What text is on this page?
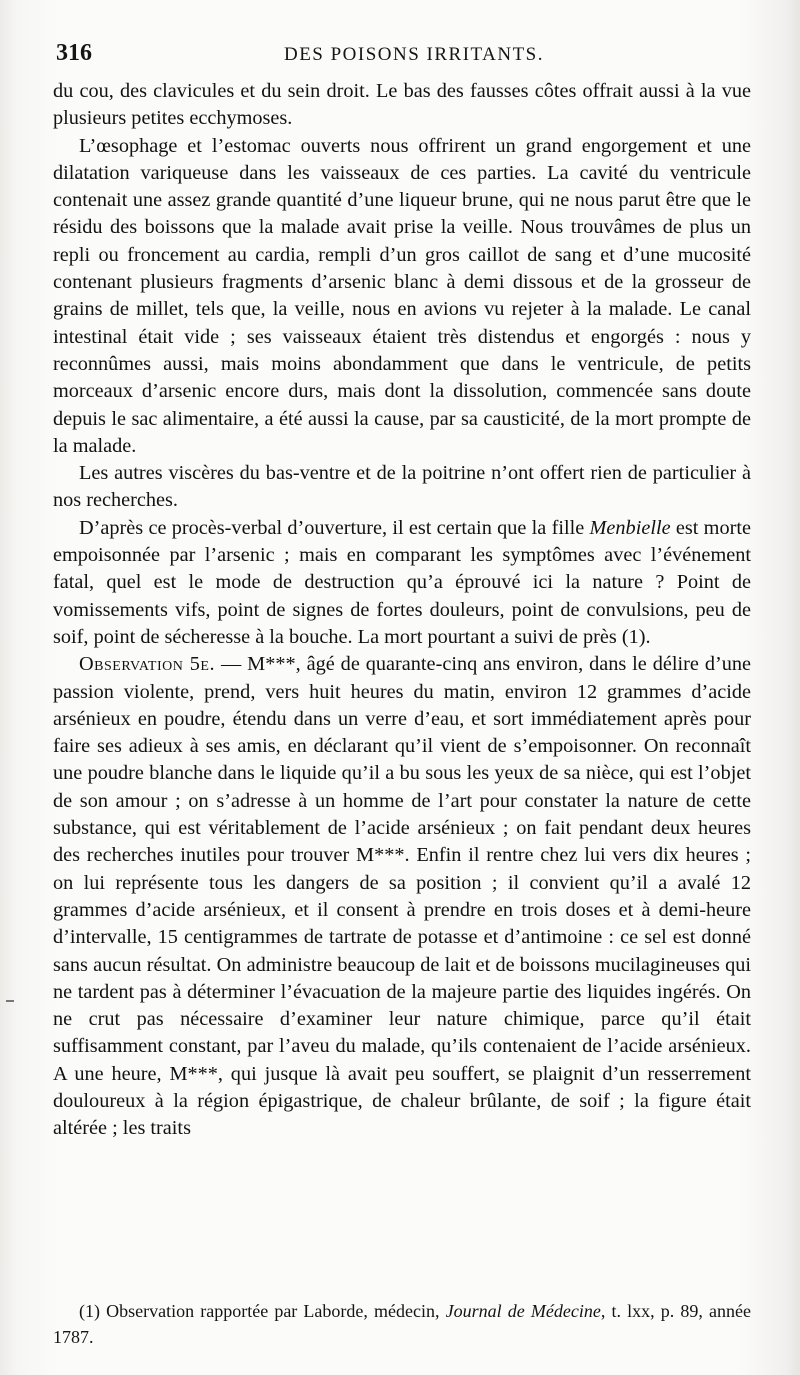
316	DES POISONS IRRITANTS.

du cou, des clavicules et du sein droit. Le bas des fausses côtes offrait aussi à la vue plusieurs petites ecchymoses.

L’œsophage et l’estomac ouverts nous offrirent un grand engorgement et une dilatation variqueuse dans les vaisseaux de ces parties. La cavité du ventricule contenait une assez grande quantité d’une liqueur brune, qui ne nous parut être que le résidu des boissons que la malade avait prise la veille. Nous trouvâmes de plus un repli ou froncement au cardia, rempli d’un gros caillot de sang et d’une mucosité contenant plusieurs fragments d’arsenic blanc à demi dissous et de la grosseur de grains de millet, tels que, la veille, nous en avions vu rejeter à la malade. Le canal intestinal était vide ; ses vaisseaux étaient très distendus et engorgés : nous y reconnûmes aussi, mais moins abondamment que dans le ventricule, de petits morceaux d’arsenic encore durs, mais dont la dissolution, commencée sans doute depuis le sac alimentaire, a été aussi la cause, par sa causticité, de la mort prompte de la malade.

Les autres viscères du bas-ventre et de la poitrine n’ont offert rien de particulier à nos recherches.

D’après ce procès-verbal d’ouverture, il est certain que la fille Menbielle est morte empoisonnée par l’arsenic ; mais en comparant les symptômes avec l’événement fatal, quel est le mode de destruction qu’a éprouvé ici la nature ? Point de vomissements vifs, point de signes de fortes douleurs, point de convulsions, peu de soif, point de sécheresse à la bouche. La mort pourtant a suivi de près (1).

Observation 5e. — M***, âgé de quarante-cinq ans environ, dans le délire d’une passion violente, prend, vers huit heures du matin, environ 12 grammes d’acide arsénieux en poudre, étendu dans un verre d’eau, et sort immédiatement après pour faire ses adieux à ses amis, en déclarant qu’il vient de s’empoisonner. On reconnaît une poudre blanche dans le liquide qu’il a bu sous les yeux de sa nièce, qui est l’objet de son amour ; on s’adresse à un homme de l’art pour constater la nature de cette substance, qui est véritablement de l’acide arsénieux ; on fait pendant deux heures des recherches inutiles pour trouver M***. Enfin il rentre chez lui vers dix heures ; on lui représente tous les dangers de sa position ; il convient qu’il a avalé 12 grammes d’acide arsénieux, et il consent à prendre en trois doses et à demi-heure d’intervalle, 15 centigrammes de tartrate de potasse et d’antimoine : ce sel est donné sans aucun résultat. On administre beaucoup de lait et de boissons mucilagineuses qui ne tardent pas à déterminer l’évacuation de la majeure partie des liquides ingérés. On ne crut pas nécessaire d’examiner leur nature chimique, parce qu’il était suffisamment constant, par l’aveu du malade, qu’ils contenaient de l’acide arsénieux. A une heure, M***, qui jusque là avait peu souffert, se plaignit d’un resserrement douloureux à la région épigastrique, de chaleur brûlante, de soif ; la figure était altérée ; les traits

(1) Observation rapportée par Laborde, médecin, Journal de Médecine, t. lxx, p. 89, année 1787.
